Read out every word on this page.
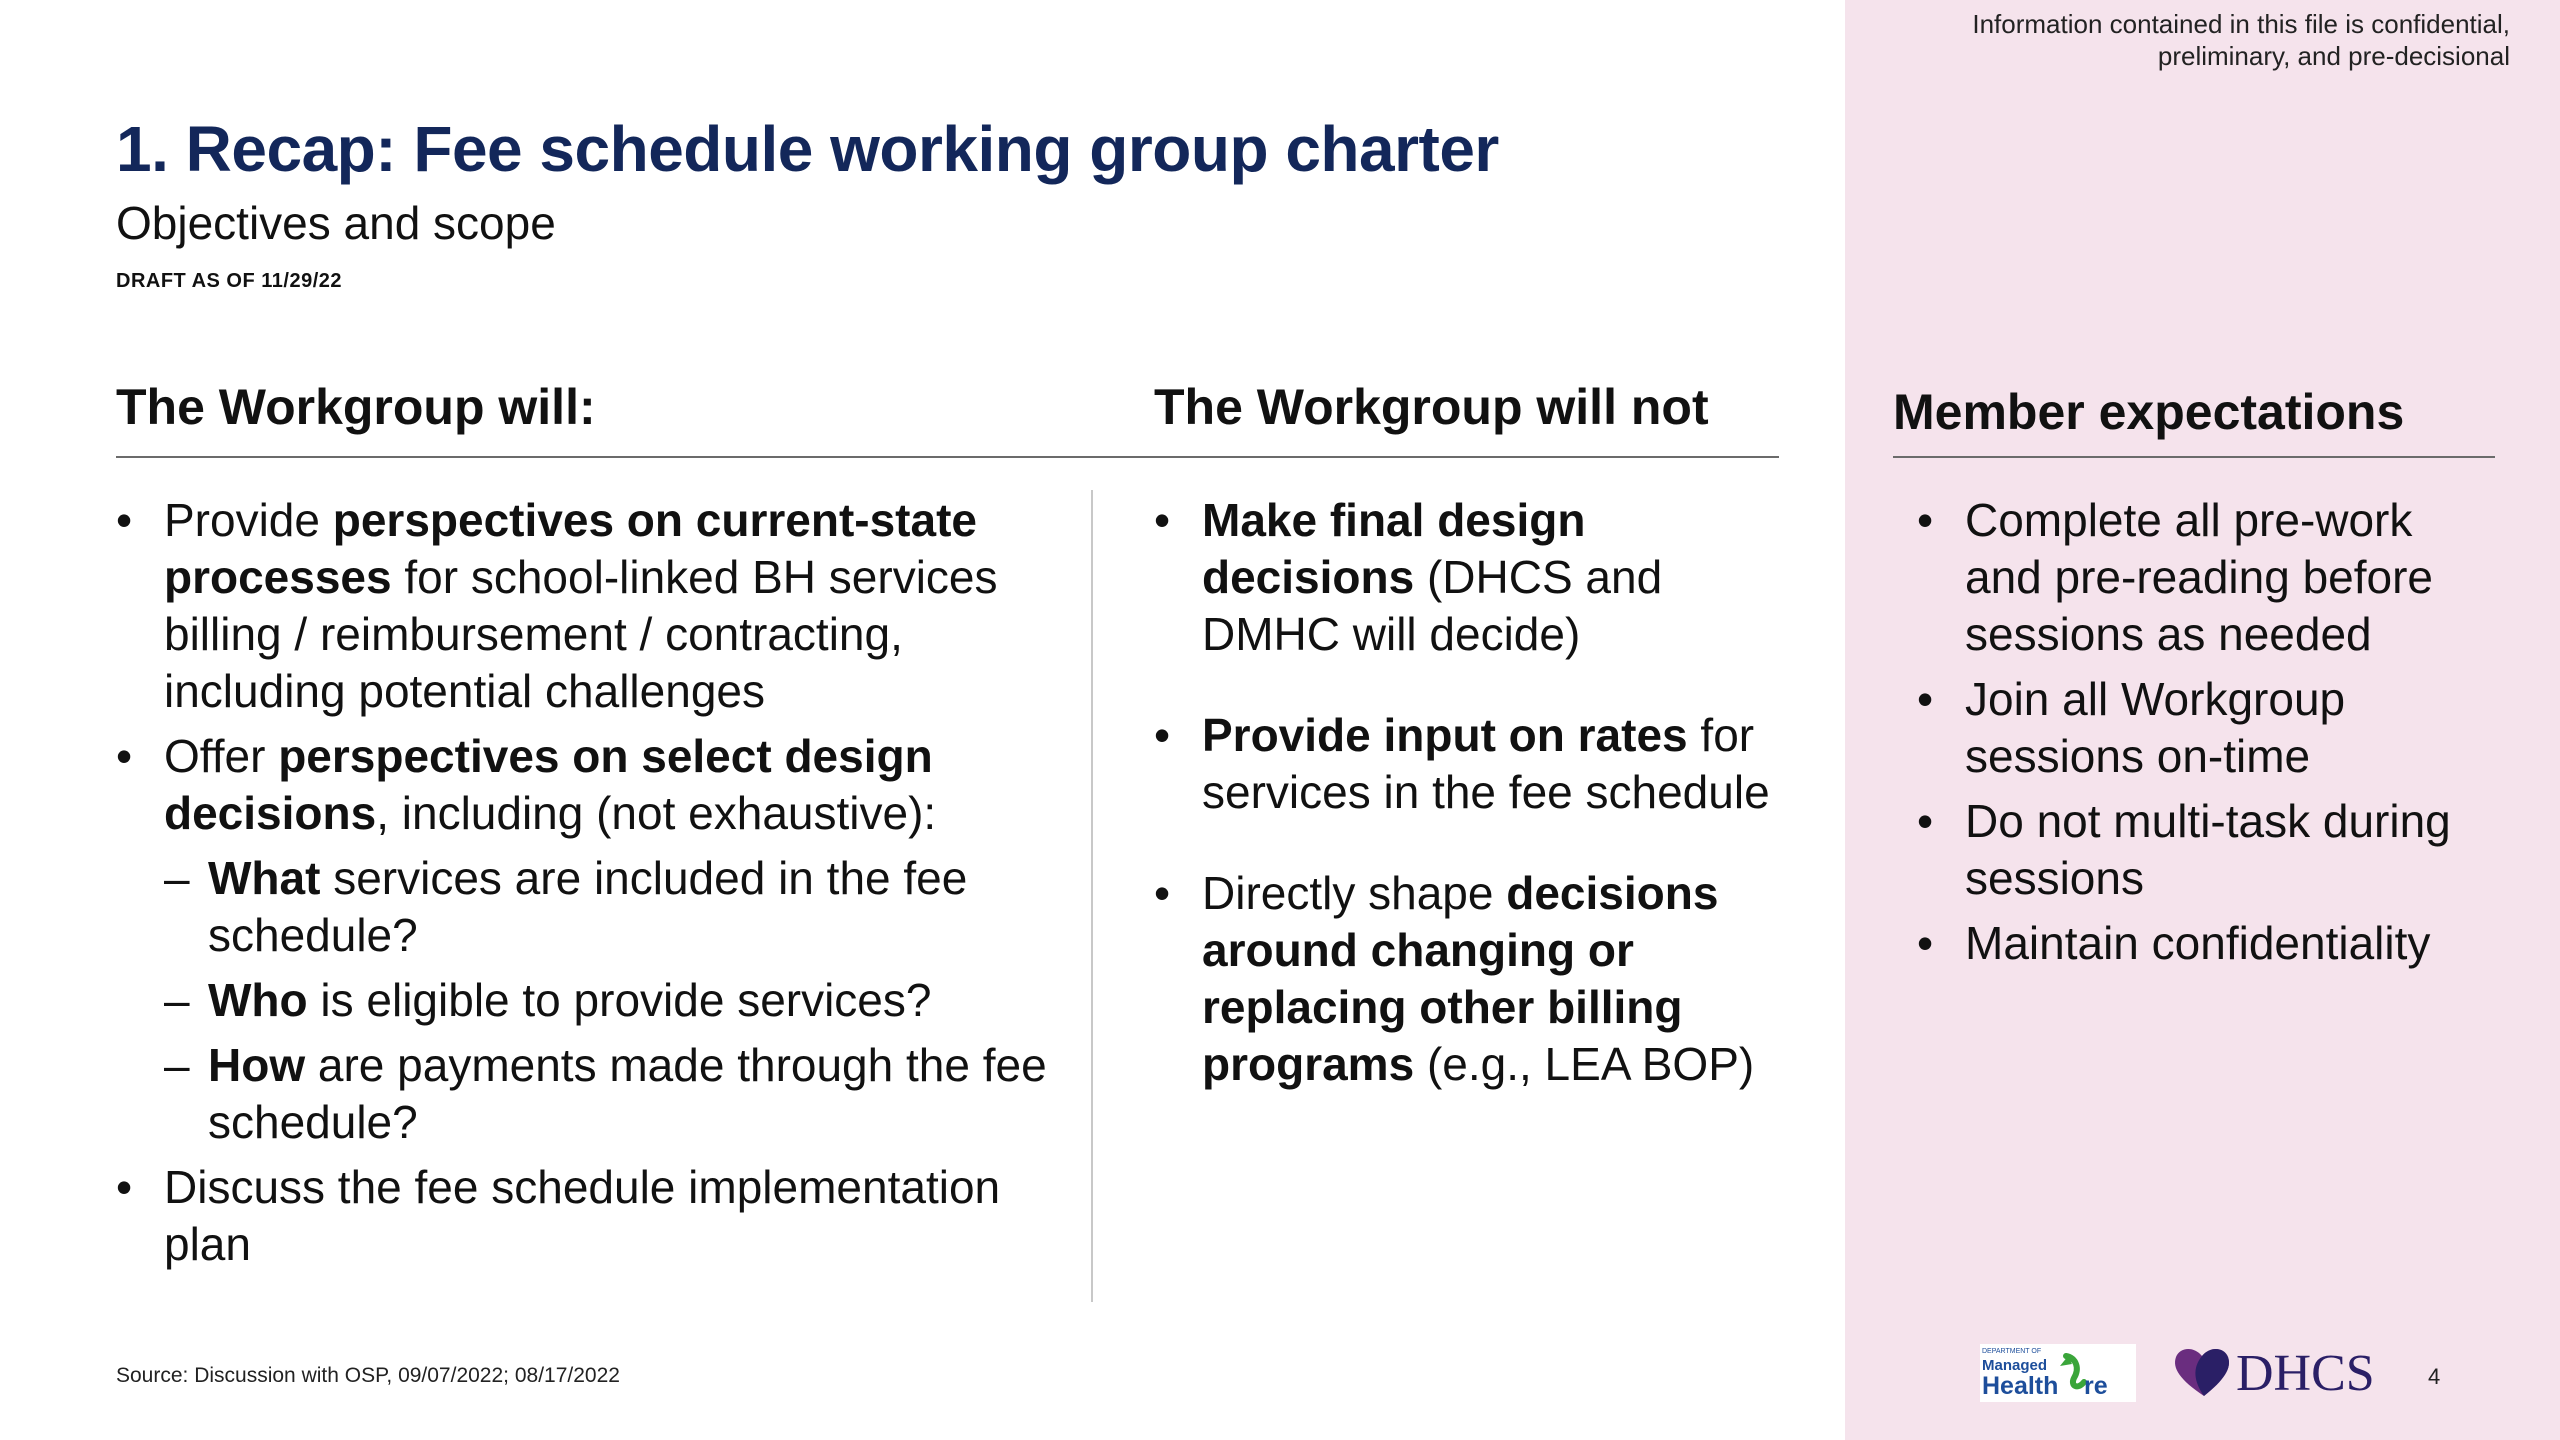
Information contained in this file is confidential,
preliminary, and pre-decisional
1. Recap: Fee schedule working group charter
Objectives and scope
DRAFT AS OF 11/29/22
The Workgroup will:	The Workgroup will not	Member expectations
• Provide perspectives on current-state processes for school-linked BH services billing / reimbursement / contracting, including potential challenges
• Offer perspectives on select design decisions, including (not exhaustive):
– What services are included in the fee schedule?
– Who is eligible to provide services?
– How are payments made through the fee schedule?
• Discuss the fee schedule implementation plan
• Make final design decisions (DHCS and DMHC will decide)
• Provide input on rates for services in the fee schedule
• Directly shape decisions around changing or replacing other billing programs (e.g., LEA BOP)
• Complete all pre-work and pre-reading before sessions as needed
• Join all Workgroup sessions on-time
• Do not multi-task during sessions
• Maintain confidentiality
Source: Discussion with OSP, 09/07/2022; 08/17/2022
DEPARTMENT OF
Managed
Health re DHCS 4
